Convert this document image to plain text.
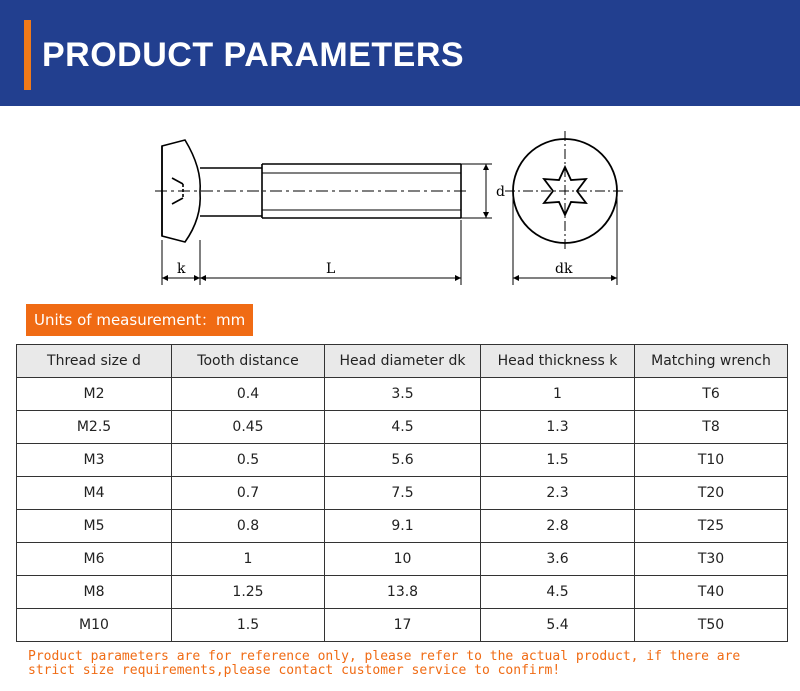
PRODUCT PARAMETERS
d
k	L	dk
Units of measurement：mm
Thread size d	Tooth distance	Head diameter dk	Head thickness k	Matching wrench
M2	0.4	3.5	1	T6
M2.5	0.45	4.5	1.3	T8
M3	0.5	5.6	1.5	T10
M4	0.7	7.5	2.3	T20
M5	0.8	9.1	2.8	T25
M6	1	10	3.6	T30
M8	1.25	13.8	4.5	T40
M10	1.5	17	5.4	T50
Product parameters are for reference only, please refer to the actual product, if there are strict size requirements,please contact customer service to confirm!
